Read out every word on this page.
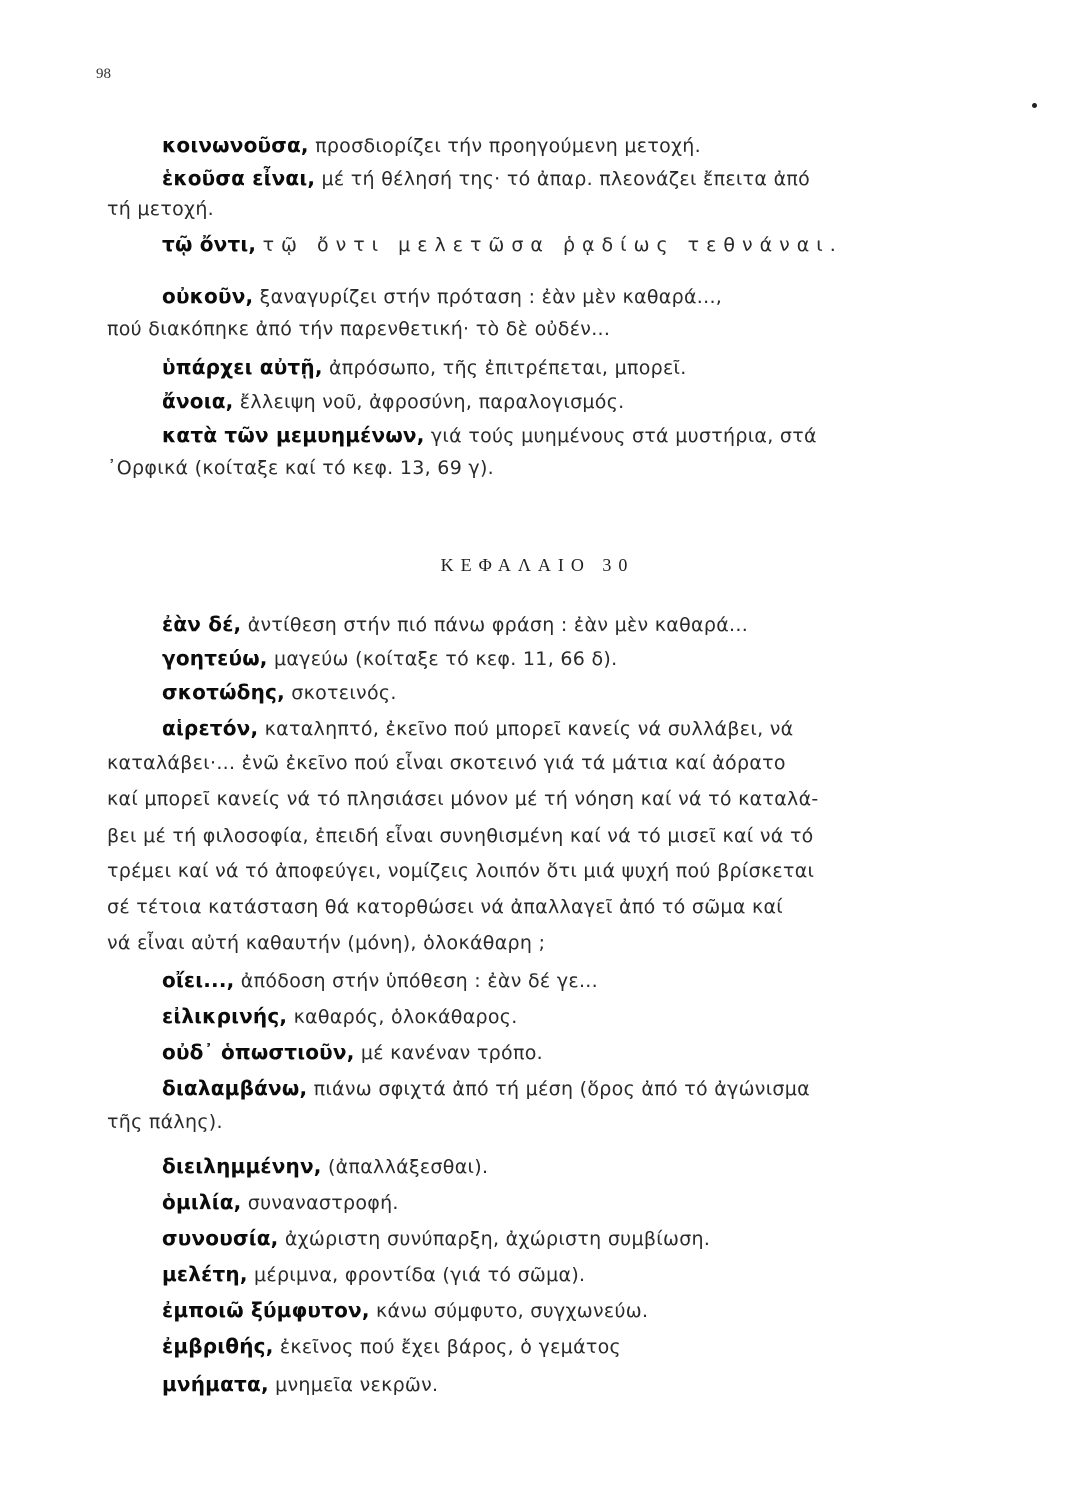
98
κοινωνοῦσα, προσδιορίζει τήν προηγούμενη μετοχή.
ἑκοῦσα εἶναι, μέ τή θέλησή της· τό ἀπαρ. πλεονάζει ἔπειτα ἀπό
τή μετοχή.
τῷ ὄντι, τῷ ὄντι μελετῶσα ῥᾳδίως τεθνάναι.
οὐκοῦν, ξαναγυρίζει στήν πρόταση : ἐὰν μὲν καθαρά...,
πού διακόπηκε ἀπό τήν παρενθετική· τὸ δὲ οὐδέν...
ὑπάρχει αὐτῇ, ἀπρόσωπο, τῆς ἐπιτρέπεται, μπορεῖ.
ἄνοια, ἔλλειψη νοῦ, ἀφροσύνη, παραλογισμός.
κατὰ τῶν μεμυημένων, γιά τούς μυημένους στά μυστήρια, στά
᾿Ορφικά (κοίταξε καί τό κεφ. 13, 69 γ).
ΚΕΦΑΛΑΙΟ 30
ἐὰν δέ, ἀντίθεση στήν πιό πάνω φράση : ἐὰν μὲν καθαρά...
γοητεύω, μαγεύω (κοίταξε τό κεφ. 11, 66 δ).
σκοτώδης, σκοτεινός.
αἱρετόν, καταληπτό, ἐκεῖνο πού μπορεῖ κανείς νά συλλάβει, νά
καταλάβει·... ἐνῶ ἐκεῖνο πού εἶναι σκοτεινό γιά τά μάτια καί ἀόρατο
καί μπορεῖ κανείς νά τό πλησιάσει μόνον μέ τή νόηση καί νά τό καταλά-
βει μέ τή φιλοσοφία, ἐπειδή εἶναι συνηθισμένη καί νά τό μισεῖ καί νά τό
τρέμει καί νά τό ἀποφεύγει, νομίζεις λοιπόν ὅτι μιά ψυχή πού βρίσκεται
σέ τέτοια κατάσταση θά κατορθώσει νά ἀπαλλαγεῖ ἀπό τό σῶμα καί
νά εἶναι αὐτή καθαυτήν (μόνη), ὁλοκάθαρη ;
οἴει..., ἀπόδοση στήν ὑπόθεση : ἐὰν δέ γε...
εἰλικρινής, καθαρός, ὁλοκάθαρος.
οὐδ᾿ ὁπωστιοῦν, μέ κανέναν τρόπο.
διαλαμβάνω, πιάνω σφιχτά ἀπό τή μέση (ὅρος ἀπό τό ἀγώνισμα
τῆς πάλης).
διειλημμένην, (ἀπαλλάξεσθαι).
ὁμιλία, συναναστροφή.
συνουσία, ἀχώριστη συνύπαρξη, ἀχώριστη συμβίωση.
μελέτη, μέριμνα, φροντίδα (γιά τό σῶμα).
ἐμποιῶ ξύμφυτον, κάνω σύμφυτο, συγχωνεύω.
ἐμβριθής, ἐκεῖνος πού ἔχει βάρος, ὁ γεμάτος
μνήματα, μνημεῖα νεκρῶν.
